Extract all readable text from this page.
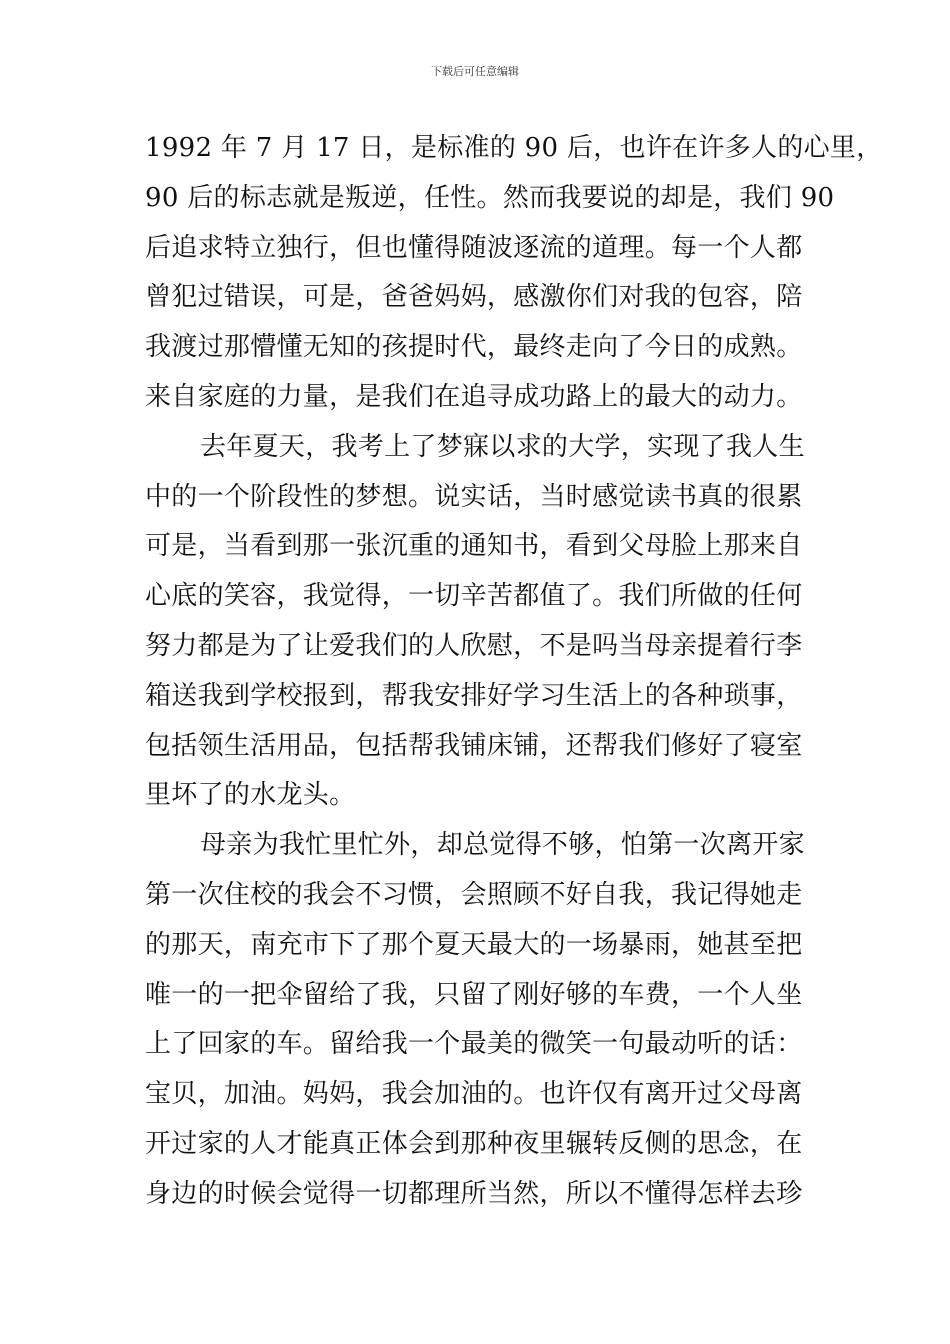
下载后可任意编辑
1992 年 7 月 17 日，是标准的 90 后，也许在许多人的心里，
90 后的标志就是叛逆，任性。然而我要说的却是，我们 90
后追求特立独行，但也懂得随波逐流的道理。每一个人都
曾犯过错误，可是，爸爸妈妈，感激你们对我的包容，陪
我渡过那懵懂无知的孩提时代，最终走向了今日的成熟。
来自家庭的力量，是我们在追寻成功路上的最大的动力。
去年夏天，我考上了梦寐以求的大学，实现了我人生
中的一个阶段性的梦想。说实话，当时感觉读书真的很累
可是，当看到那一张沉重的通知书，看到父母脸上那来自
心底的笑容，我觉得，一切辛苦都值了。我们所做的任何
努力都是为了让爱我们的人欣慰，不是吗当母亲提着行李
箱送我到学校报到，帮我安排好学习生活上的各种琐事，
包括领生活用品，包括帮我铺床铺，还帮我们修好了寝室
里坏了的水龙头。
母亲为我忙里忙外，却总觉得不够，怕第一次离开家
第一次住校的我会不习惯，会照顾不好自我，我记得她走
的那天，南充市下了那个夏天最大的一场暴雨，她甚至把
唯一的一把伞留给了我，只留了刚好够的车费，一个人坐
上了回家的车。留给我一个最美的微笑一句最动听的话：
宝贝，加油。妈妈，我会加油的。也许仅有离开过父母离
开过家的人才能真正体会到那种夜里辗转反侧的思念，在
身边的时候会觉得一切都理所当然，所以不懂得怎样去珍
